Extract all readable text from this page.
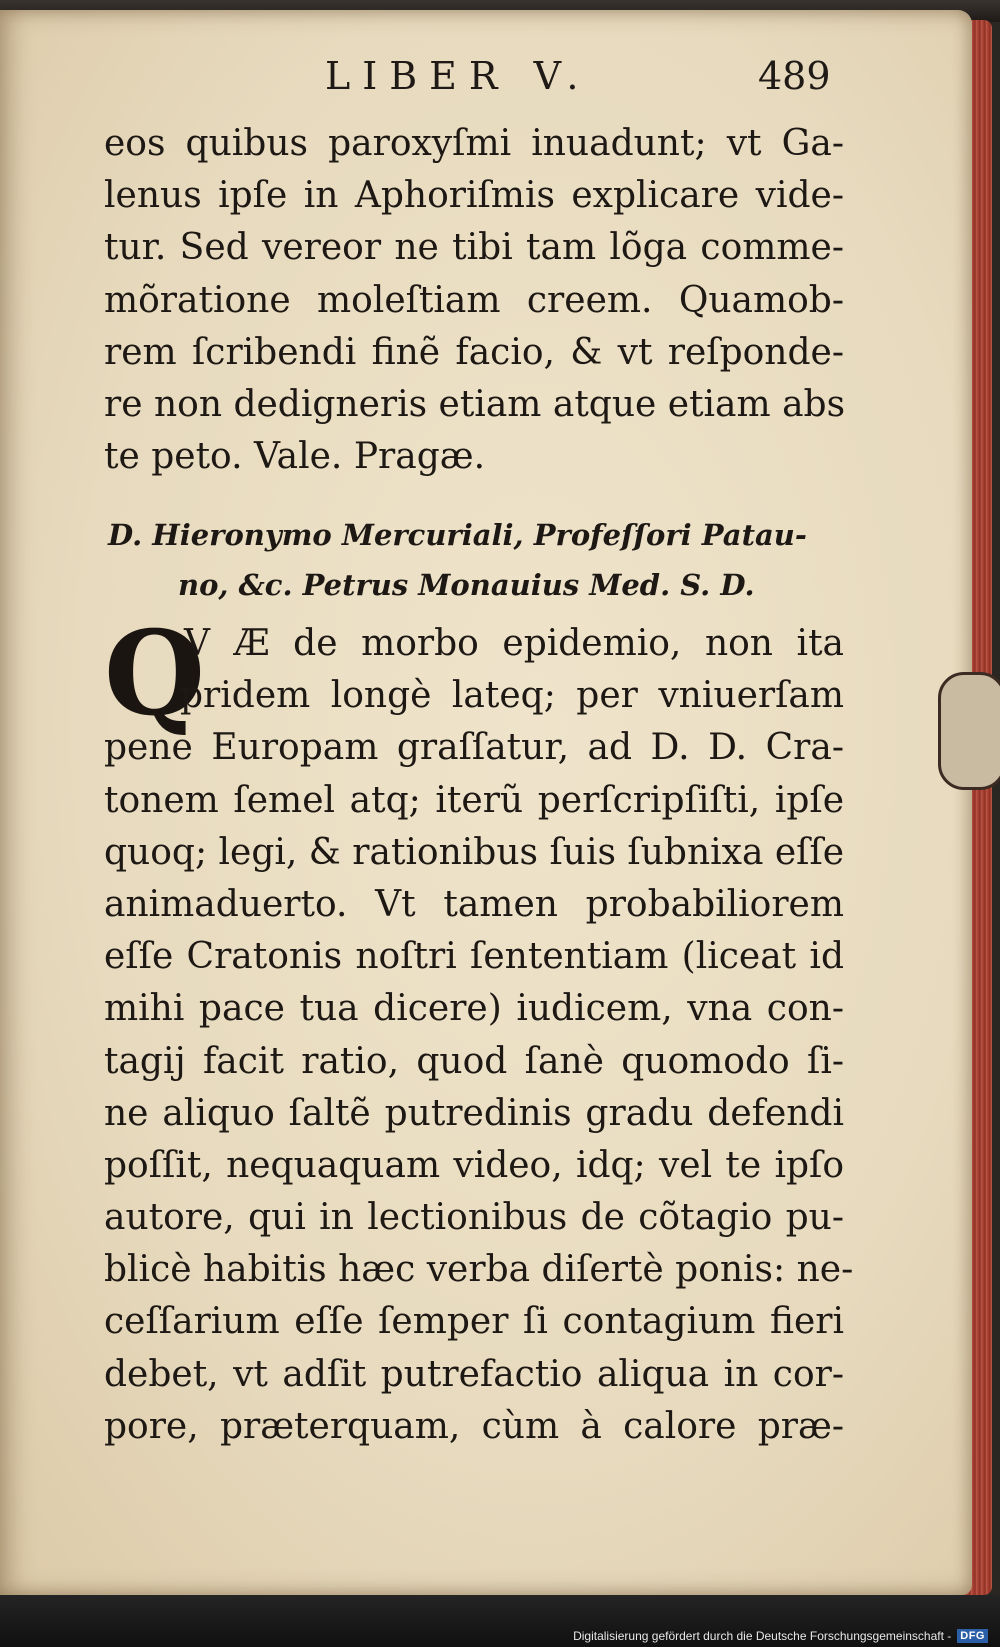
LIBER V.	489
eos quibus paroxyſmi inuadunt; vt Ga-
lenus ipſe in Aphoriſmis explicare vide-
tur. Sed vereor ne tibi tam lõga comme-
mõratione moleſtiam creem. Quamob-
rem ſcribendi finẽ facio, & vt reſponde-
re non dedigneris etiam atque etiam abs
te peto. Vale. Pragæ.
D. Hieronymo Mercuriali, Profeſſori Patau-
no, &c. Petrus Monauius Med. S. D.
Q
V Æ de morbo epidemio, non ita
pridem longè lateq; per vniuerſam
pene Europam graſſatur, ad D. D. Cra-
tonem ſemel atq; iterũ perſcripſiſti, ipſe
quoq; legi, & rationibus ſuis ſubnixa eſſe
animaduerto. Vt tamen probabiliorem
eſſe Cratonis noſtri ſententiam (liceat id
mihi pace tua dicere) iudicem, vna con-
tagij facit ratio, quod ſanè quomodo ſi-
ne aliquo ſaltẽ putredinis gradu defendi
poſſit, nequaquam video, idq; vel te ipſo
autore, qui in lectionibus de cõtagio pu-
blicè habitis hæc verba diſertè ponis: ne-
ceſſarium eſſe ſemper ſi contagium fieri
debet, vt adſit putrefactio aliqua in cor-
pore, præterquam, cùm à calore præ-
Digitalisierung gefördert durch die Deutsche Forschungsgemeinschaft - DFG
